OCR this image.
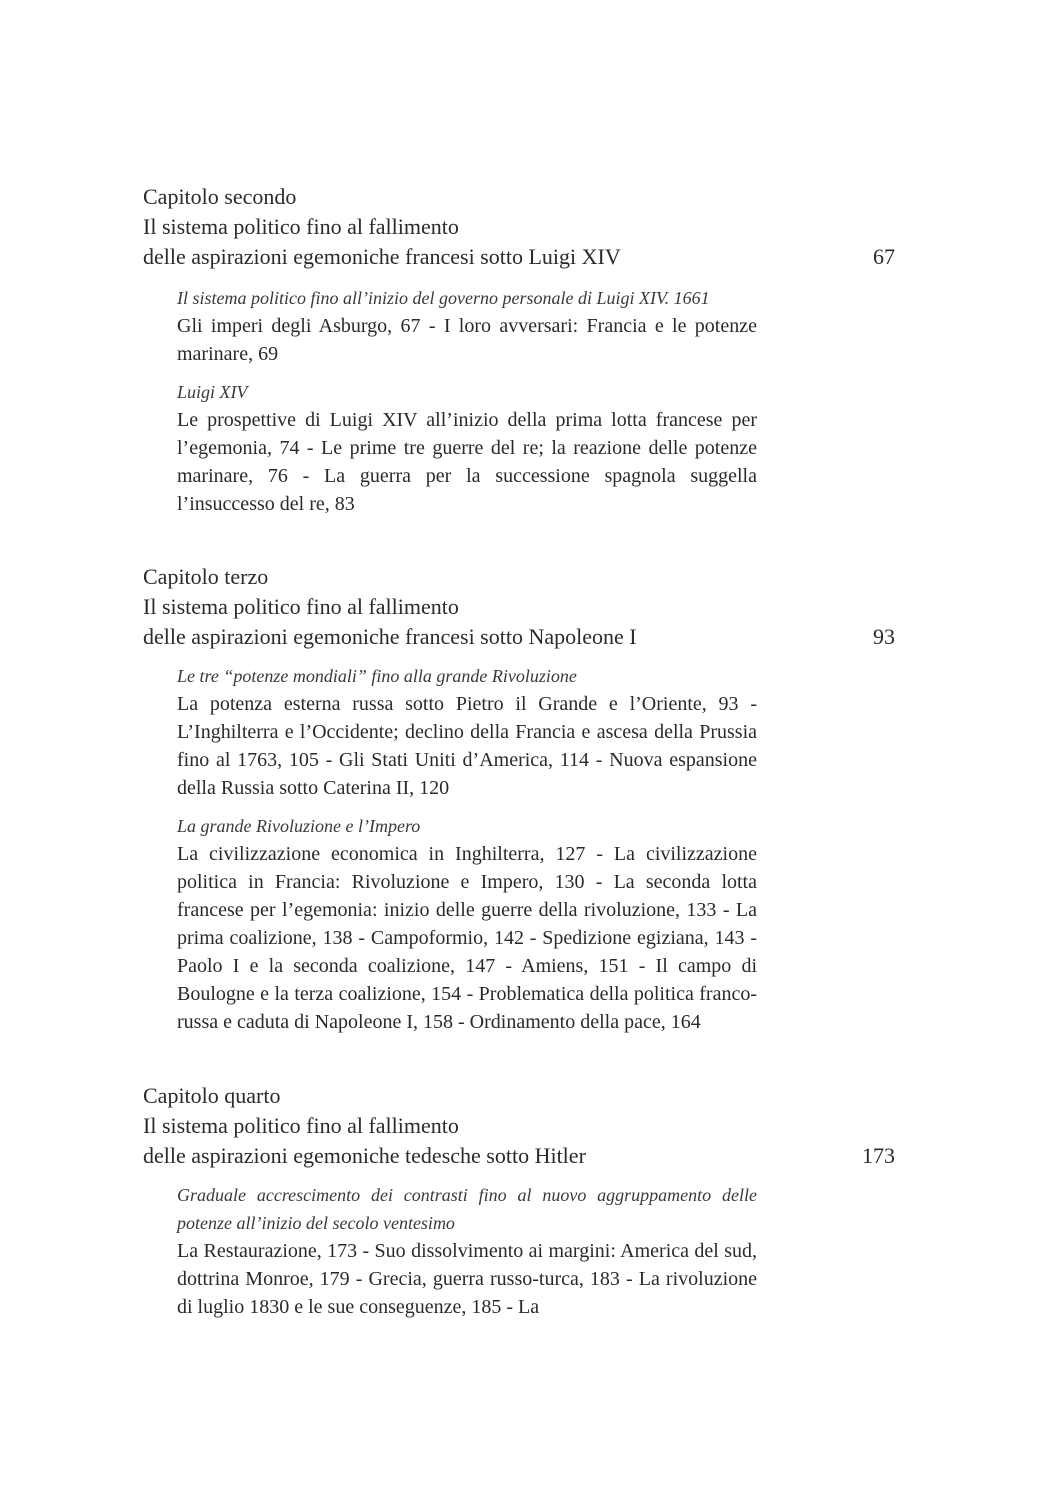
Capitolo secondo
Il sistema politico fino al fallimento
delle aspirazioni egemoniche francesi sotto Luigi XIV	67
Il sistema politico fino all’inizio del governo personale di Luigi XIV. 1661
Gli imperi degli Asburgo, 67 - I loro avversari: Francia e le potenze marinare, 69
Luigi XIV
Le prospettive di Luigi XIV all’inizio della prima lotta francese per l’egemonia, 74 - Le prime tre guerre del re; la reazione delle potenze marinare, 76 - La guerra per la successione spagnola suggella l’insuccesso del re, 83
Capitolo terzo
Il sistema politico fino al fallimento
delle aspirazioni egemoniche francesi sotto Napoleone I	93
Le tre “potenze mondiali” fino alla grande Rivoluzione
La potenza esterna russa sotto Pietro il Grande e l’Oriente, 93 - L’Inghilterra e l’Occidente; declino della Francia e ascesa della Prussia fino al 1763, 105 - Gli Stati Uniti d’America, 114 - Nuova espansione della Russia sotto Caterina II, 120
La grande Rivoluzione e l’Impero
La civilizzazione economica in Inghilterra, 127 - La civilizzazione politica in Francia: Rivoluzione e Impero, 130 - La seconda lotta francese per l’egemonia: inizio delle guerre della rivoluzione, 133 - La prima coalizione, 138 - Campoformio, 142 - Spedizione egiziana, 143 - Paolo I e la seconda coalizione, 147 - Amiens, 151 - Il campo di Boulogne e la terza coalizione, 154 - Problematica della politica franco-russa e caduta di Napoleone I, 158 - Ordinamento della pace, 164
Capitolo quarto
Il sistema politico fino al fallimento
delle aspirazioni egemoniche tedesche sotto Hitler	173
Graduale accrescimento dei contrasti fino al nuovo aggruppamento delle potenze all’inizio del secolo ventesimo
La Restaurazione, 173 - Suo dissolvimento ai margini: America del sud, dottrina Monroe, 179 - Grecia, guerra russo-turca, 183 - La rivoluzione di luglio 1830 e le sue conseguenze, 185 - La
